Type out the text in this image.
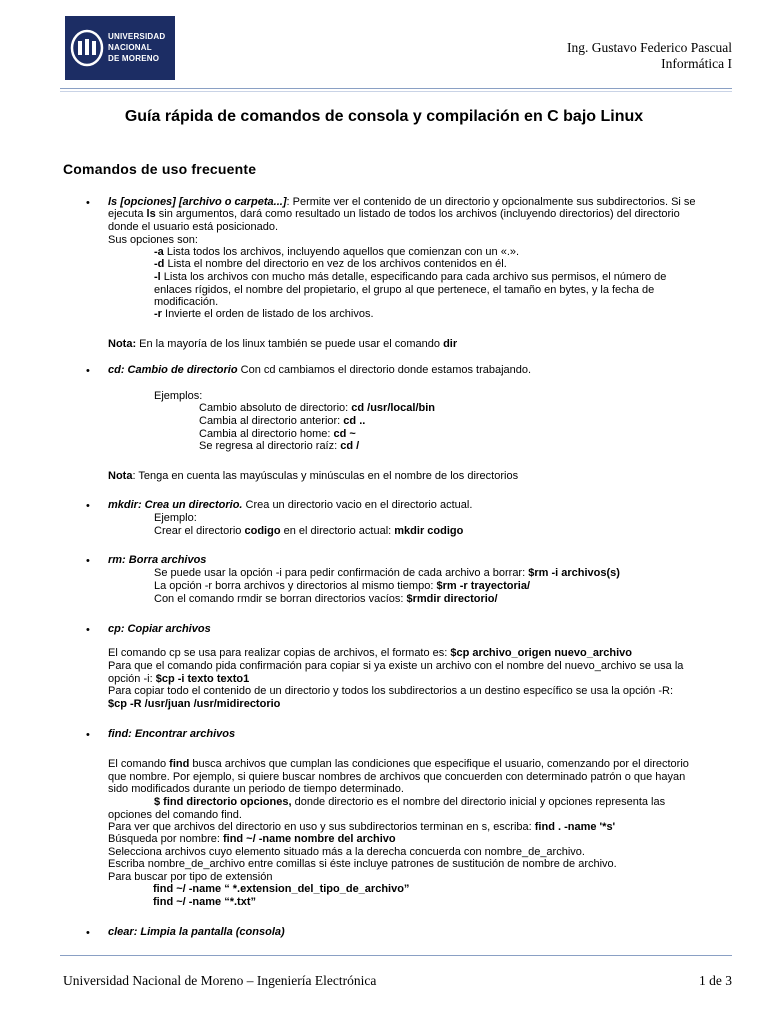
UNIVERSIDAD
NACIONAL
DE MORENO
Ing. Gustavo Federico Pascual
Informática I
Guía rápida de comandos de consola y compilación en C bajo Linux
Comandos de uso frecuente
• ls [opciones] [archivo o carpeta...]: Permite ver el contenido de un directorio y opcionalmente sus subdirectorios. Si se
ejecuta ls sin argumentos, dará como resultado un listado de todos los archivos (incluyendo directorios) del directorio
donde el usuario está posicionado.
Sus opciones son:
-a Lista todos los archivos, incluyendo aquellos que comienzan con un «.».
-d Lista el nombre del directorio en vez de los archivos contenidos en él.
-l Lista los archivos con mucho más detalle, especificando para cada archivo sus permisos, el número de
enlaces rígidos, el nombre del propietario, el grupo al que pertenece, el tamaño en bytes, y la fecha de
modificación.
-r Invierte el orden de listado de los archivos.
Nota: En la mayoría de los linux también se puede usar el comando dir
• cd: Cambio de directorio Con cd cambiamos el directorio donde estamos trabajando.
Ejemplos:
Cambio absoluto de directorio: cd /usr/local/bin
Cambia al directorio anterior: cd ..
Cambia al directorio home: cd ~
Se regresa al directorio raíz: cd /
Nota: Tenga en cuenta las mayúsculas y minúsculas en el nombre de los directorios
• mkdir: Crea un directorio. Crea un directorio vacio en el directorio actual.
Ejemplo:
Crear el directorio codigo en el directorio actual: mkdir codigo
• rm: Borra archivos
Se puede usar la opción -i para pedir confirmación de cada archivo a borrar: $rm -i archivos(s)
La opción -r borra archivos y directorios al mismo tiempo: $rm -r trayectoria/
Con el comando rmdir se borran directorios vacíos: $rmdir directorio/
• cp: Copiar archivos
El comando cp se usa para realizar copias de archivos, el formato es: $cp archivo_origen nuevo_archivo
Para que el comando pida confirmación para copiar si ya existe un archivo con el nombre del nuevo_archivo se usa la
opción -i: $cp -i texto texto1
Para copiar todo el contenido de un directorio y todos los subdirectorios a un destino específico se usa la opción -R:
$cp -R /usr/juan /usr/midirectorio
• find: Encontrar archivos
El comando find busca archivos que cumplan las condiciones que especifique el usuario, comenzando por el directorio
que nombre. Por ejemplo, si quiere buscar nombres de archivos que concuerden con determinado patrón o que hayan
sido modificados durante un periodo de tiempo determinado.
$ find directorio opciones, donde directorio es el nombre del directorio inicial y opciones representa las
opciones del comando find.
Para ver que archivos del directorio en uso y sus subdirectorios terminan en s, escriba: find . -name '*s'
Búsqueda por nombre: find ~/ -name nombre del archivo
Selecciona archivos cuyo elemento situado más a la derecha concuerda con nombre_de_archivo.
Escriba nombre_de_archivo entre comillas si éste incluye patrones de sustitución de nombre de archivo.
Para buscar por tipo de extensión
find ~/ -name “ *.extension_del_tipo_de_archivo”
find ~/ -name “*.txt”
• clear: Limpia la pantalla (consola)
Universidad Nacional de Moreno – Ingeniería Electrónica	1 de 3
